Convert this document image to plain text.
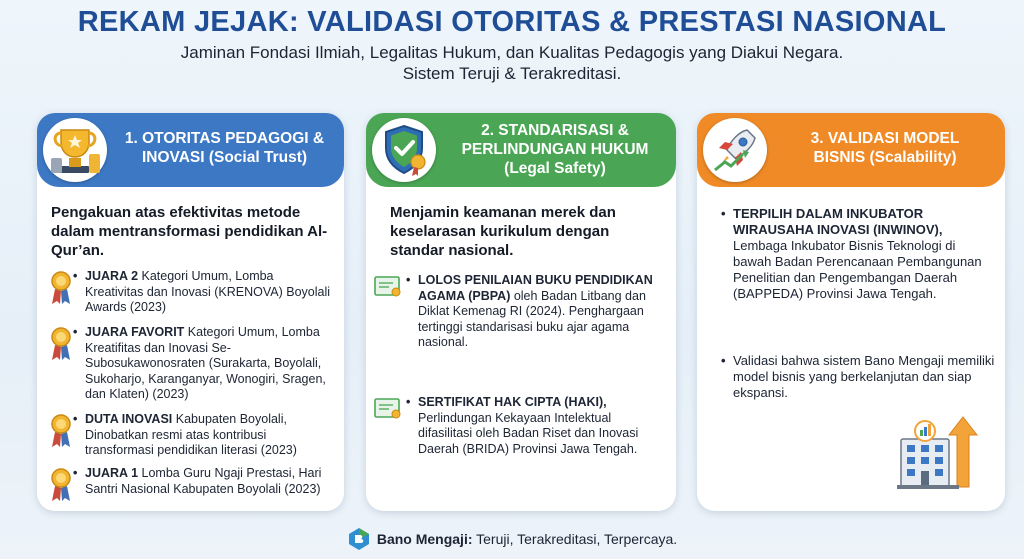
REKAM JEJAK: VALIDASI OTORITAS & PRESTASI NASIONAL
Jaminan Fondasi Ilmiah, Legalitas Hukum, dan Kualitas Pedagogis yang Diakui Negara.
Sistem Teruji & Terakreditasi.
1. OTORITAS PEDAGOGI &
INOVASI (Social Trust)
Pengakuan atas efektivitas metode dalam mentransformasi pendidikan Al-Qur’an.
• JUARA 2 Kategori Umum, Lomba Kreativitas dan Inovasi (KRENOVA) Boyolali Awards (2023)
• JUARA FAVORIT Kategori Umum, Lomba Kreatifitas dan Inovasi Se-Subosukawonosraten (Surakarta, Boyolali, Sukoharjo, Karanganyar, Wonogiri, Sragen, dan Klaten) (2023)
• DUTA INOVASI Kabupaten Boyolali, Dinobatkan resmi atas kontribusi transformasi pendidikan literasi (2023)
• JUARA 1 Lomba Guru Ngaji Prestasi, Hari Santri Nasional Kabupaten Boyolali (2023)
2. STANDARISASI &
PERLINDUNGAN HUKUM
(Legal Safety)
Menjamin keamanan merek dan keselarasan kurikulum dengan standar nasional.
• LOLOS PENILAIAN BUKU PENDIDIKAN AGAMA (PBPA) oleh Badan Litbang dan Diklat Kemenag RI (2024). Penghargaan tertinggi standarisasi buku ajar agama nasional.
• SERTIFIKAT HAK CIPTA (HAKI), Perlindungan Kekayaan Intelektual difasilitasi oleh Badan Riset dan Inovasi Daerah (BRIDA) Provinsi Jawa Tengah.
3. VALIDASI MODEL
BISNIS (Scalability)
• TERPILIH DALAM INKUBATOR WIRAUSAHA INOVASI (INWINOV), Lembaga Inkubator Bisnis Teknologi di bawah Badan Perencanaan Pembangunan Penelitian dan Pengembangan Daerah (BAPPEDA) Provinsi Jawa Tengah.
• Validasi bahwa sistem Bano Mengaji memiliki model bisnis yang berkelanjutan dan siap ekspansi.
Bano Mengaji: Teruji, Terakreditasi, Terpercaya.
